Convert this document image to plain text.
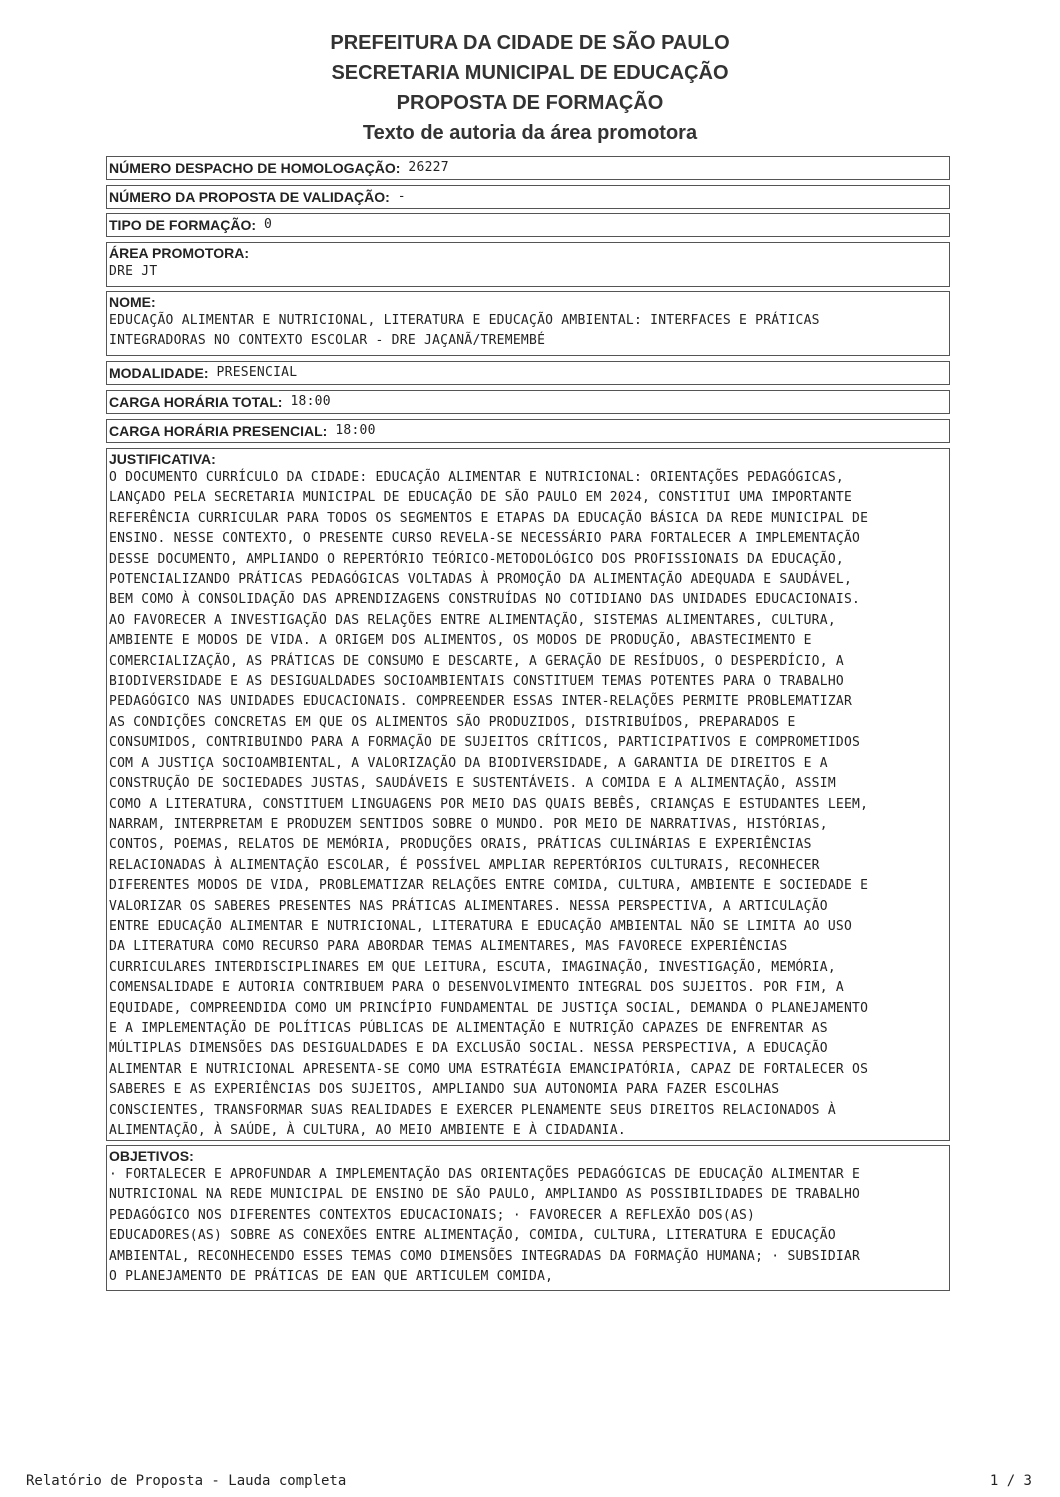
PREFEITURA DA CIDADE DE SÃO PAULO
SECRETARIA MUNICIPAL DE EDUCAÇÃO
PROPOSTA DE FORMAÇÃO
Texto de autoria da área promotora
NÚMERO DESPACHO DE HOMOLOGAÇÃO: 26227
NÚMERO DA PROPOSTA DE VALIDAÇÃO: -
TIPO DE FORMAÇÃO: 0
ÁREA PROMOTORA:
DRE JT
NOME:
EDUCAÇÃO ALIMENTAR E NUTRICIONAL, LITERATURA E EDUCAÇÃO AMBIENTAL: INTERFACES E PRÁTICAS
INTEGRADORAS NO CONTEXTO ESCOLAR - DRE JAÇANÃ/TREMEMBÉ
MODALIDADE: PRESENCIAL
CARGA HORÁRIA TOTAL: 18:00
CARGA HORÁRIA PRESENCIAL: 18:00
JUSTIFICATIVA:
O DOCUMENTO CURRÍCULO DA CIDADE: EDUCAÇÃO ALIMENTAR E NUTRICIONAL: ORIENTAÇÕES PEDAGÓGICAS,
LANÇADO PELA SECRETARIA MUNICIPAL DE EDUCAÇÃO DE SÃO PAULO EM 2024, CONSTITUI UMA IMPORTANTE
REFERÊNCIA CURRICULAR PARA TODOS OS SEGMENTOS E ETAPAS DA EDUCAÇÃO BÁSICA DA REDE MUNICIPAL DE
ENSINO. NESSE CONTEXTO, O PRESENTE CURSO REVELA-SE NECESSÁRIO PARA FORTALECER A IMPLEMENTAÇÃO
DESSE DOCUMENTO, AMPLIANDO O REPERTÓRIO TEÓRICO-METODOLÓGICO DOS PROFISSIONAIS DA EDUCAÇÃO,
POTENCIALIZANDO PRÁTICAS PEDAGÓGICAS VOLTADAS À PROMOÇÃO DA ALIMENTAÇÃO ADEQUADA E SAUDÁVEL,
BEM COMO À CONSOLIDAÇÃO DAS APRENDIZAGENS CONSTRUÍDAS NO COTIDIANO DAS UNIDADES EDUCACIONAIS.
AO FAVORECER A INVESTIGAÇÃO DAS RELAÇÕES ENTRE ALIMENTAÇÃO, SISTEMAS ALIMENTARES, CULTURA,
AMBIENTE E MODOS DE VIDA. A ORIGEM DOS ALIMENTOS, OS MODOS DE PRODUÇÃO, ABASTECIMENTO E
COMERCIALIZAÇÃO, AS PRÁTICAS DE CONSUMO E DESCARTE, A GERAÇÃO DE RESÍDUOS, O DESPERDÍCIO, A
BIODIVERSIDADE E AS DESIGUALDADES SOCIOAMBIENTAIS CONSTITUEM TEMAS POTENTES PARA O TRABALHO
PEDAGÓGICO NAS UNIDADES EDUCACIONAIS. COMPREENDER ESSAS INTER-RELAÇÕES PERMITE PROBLEMATIZAR
AS CONDIÇÕES CONCRETAS EM QUE OS ALIMENTOS SÃO PRODUZIDOS, DISTRIBUÍDOS, PREPARADOS E
CONSUMIDOS, CONTRIBUINDO PARA A FORMAÇÃO DE SUJEITOS CRÍTICOS, PARTICIPATIVOS E COMPROMETIDOS
COM A JUSTIÇA SOCIOAMBIENTAL, A VALORIZAÇÃO DA BIODIVERSIDADE, A GARANTIA DE DIREITOS E A
CONSTRUÇÃO DE SOCIEDADES JUSTAS, SAUDÁVEIS E SUSTENTÁVEIS. A COMIDA E A ALIMENTAÇÃO, ASSIM
COMO A LITERATURA, CONSTITUEM LINGUAGENS POR MEIO DAS QUAIS BEBÊS, CRIANÇAS E ESTUDANTES LEEM,
NARRAM, INTERPRETAM E PRODUZEM SENTIDOS SOBRE O MUNDO. POR MEIO DE NARRATIVAS, HISTÓRIAS,
CONTOS, POEMAS, RELATOS DE MEMÓRIA, PRODUÇÕES ORAIS, PRÁTICAS CULINÁRIAS E EXPERIÊNCIAS
RELACIONADAS À ALIMENTAÇÃO ESCOLAR, É POSSÍVEL AMPLIAR REPERTÓRIOS CULTURAIS, RECONHECER
DIFERENTES MODOS DE VIDA, PROBLEMATIZAR RELAÇÕES ENTRE COMIDA, CULTURA, AMBIENTE E SOCIEDADE E
VALORIZAR OS SABERES PRESENTES NAS PRÁTICAS ALIMENTARES. NESSA PERSPECTIVA, A ARTICULAÇÃO
ENTRE EDUCAÇÃO ALIMENTAR E NUTRICIONAL, LITERATURA E EDUCAÇÃO AMBIENTAL NÃO SE LIMITA AO USO
DA LITERATURA COMO RECURSO PARA ABORDAR TEMAS ALIMENTARES, MAS FAVORECE EXPERIÊNCIAS
CURRICULARES INTERDISCIPLINARES EM QUE LEITURA, ESCUTA, IMAGINAÇÃO, INVESTIGAÇÃO, MEMÓRIA,
COMENSALIDADE E AUTORIA CONTRIBUEM PARA O DESENVOLVIMENTO INTEGRAL DOS SUJEITOS. POR FIM, A
EQUIDADE, COMPREENDIDA COMO UM PRINCÍPIO FUNDAMENTAL DE JUSTIÇA SOCIAL, DEMANDA O PLANEJAMENTO
E A IMPLEMENTAÇÃO DE POLÍTICAS PÚBLICAS DE ALIMENTAÇÃO E NUTRIÇÃO CAPAZES DE ENFRENTAR AS
MÚLTIPLAS DIMENSÕES DAS DESIGUALDADES E DA EXCLUSÃO SOCIAL. NESSA PERSPECTIVA, A EDUCAÇÃO
ALIMENTAR E NUTRICIONAL APRESENTA-SE COMO UMA ESTRATÉGIA EMANCIPATÓRIA, CAPAZ DE FORTALECER OS
SABERES E AS EXPERIÊNCIAS DOS SUJEITOS, AMPLIANDO SUA AUTONOMIA PARA FAZER ESCOLHAS
CONSCIENTES, TRANSFORMAR SUAS REALIDADES E EXERCER PLENAMENTE SEUS DIREITOS RELACIONADOS À
ALIMENTAÇÃO, À SAÚDE, À CULTURA, AO MEIO AMBIENTE E À CIDADANIA.
OBJETIVOS:
· FORTALECER E APROFUNDAR A IMPLEMENTAÇÃO DAS ORIENTAÇÕES PEDAGÓGICAS DE EDUCAÇÃO ALIMENTAR E
NUTRICIONAL NA REDE MUNICIPAL DE ENSINO DE SÃO PAULO, AMPLIANDO AS POSSIBILIDADES DE TRABALHO
PEDAGÓGICO NOS DIFERENTES CONTEXTOS EDUCACIONAIS; · FAVORECER A REFLEXÃO DOS(AS)
EDUCADORES(AS) SOBRE AS CONEXÕES ENTRE ALIMENTAÇÃO, COMIDA, CULTURA, LITERATURA E EDUCAÇÃO
AMBIENTAL, RECONHECENDO ESSES TEMAS COMO DIMENSÕES INTEGRADAS DA FORMAÇÃO HUMANA; · SUBSIDIAR
O PLANEJAMENTO DE PRÁTICAS DE EAN QUE ARTICULEM COMIDA,
Relatório de Proposta - Lauda completa	1 / 3
